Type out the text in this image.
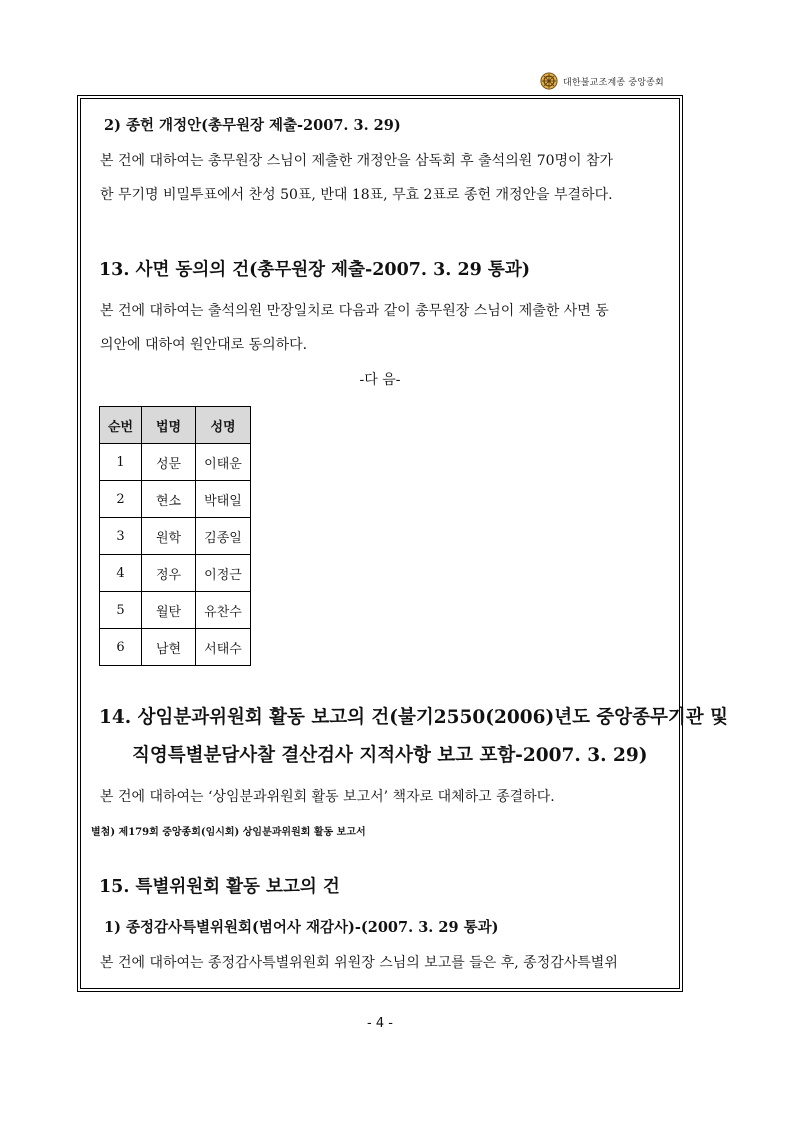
대한불교조계종 중앙종회
2) 종헌 개정안(총무원장 제출-2007. 3. 29)
본 건에 대하여는 총무원장 스님이 제출한 개정안을 삼독회 후 출석의원 70명이 참가
한 무기명 비밀투표에서 찬성 50표, 반대 18표, 무효 2표로 종헌 개정안을 부결하다.
13. 사면 동의의 건(총무원장 제출-2007. 3. 29 통과)
본 건에 대하여는 출석의원 만장일치로 다음과 같이 총무원장 스님이 제출한 사면 동
의안에 대하여 원안대로 동의하다.
-다 음-
순번	법명	성명
1	성문	이태운
2	현소	박태일
3	원학	김종일
4	정우	이정근
5	월탄	유찬수
6	남현	서태수
14. 상임분과위원회 활동 보고의 건(불기2550(2006)년도 중앙종무기관 및
직영특별분담사찰 결산검사 지적사항 보고 포함-2007. 3. 29)
본 건에 대하여는 ‘상임분과위원회 활동 보고서’ 책자로 대체하고 종결하다.
별첨) 제179회 중앙종회(임시회) 상임분과위원회 활동 보고서
15. 특별위원회 활동 보고의 건
1) 종정감사특별위원회(범어사 재감사)-(2007. 3. 29 통과)
본 건에 대하여는 종정감사특별위원회 위원장 스님의 보고를 들은 후, 종정감사특별위
- 4 -
